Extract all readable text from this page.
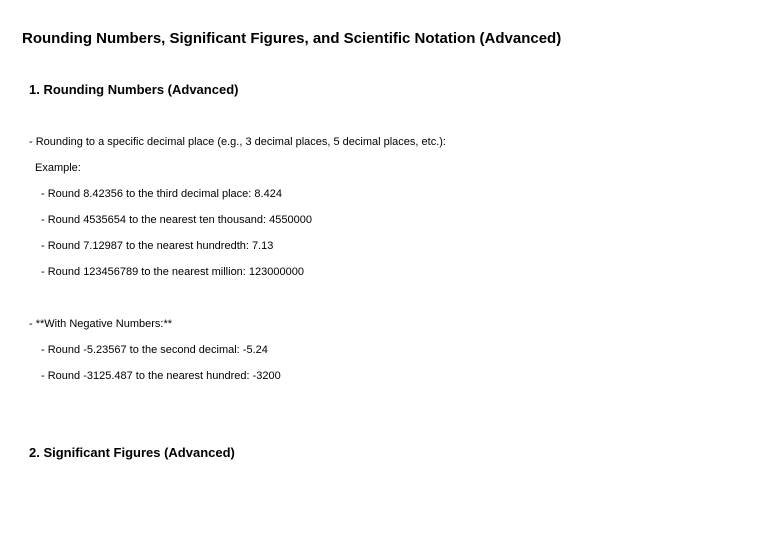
Rounding Numbers, Significant Figures, and Scientific Notation (Advanced)
1. Rounding Numbers (Advanced)
- Rounding to a specific decimal place (e.g., 3 decimal places, 5 decimal places, etc.):
Example:
- Round 8.42356 to the third decimal place: 8.424
- Round 4535654 to the nearest ten thousand: 4550000
- Round 7.12987 to the nearest hundredth: 7.13
- Round 123456789 to the nearest million: 123000000
- **With Negative Numbers:**
- Round -5.23567 to the second decimal: -5.24
- Round -3125.487 to the nearest hundred: -3200
2. Significant Figures (Advanced)
